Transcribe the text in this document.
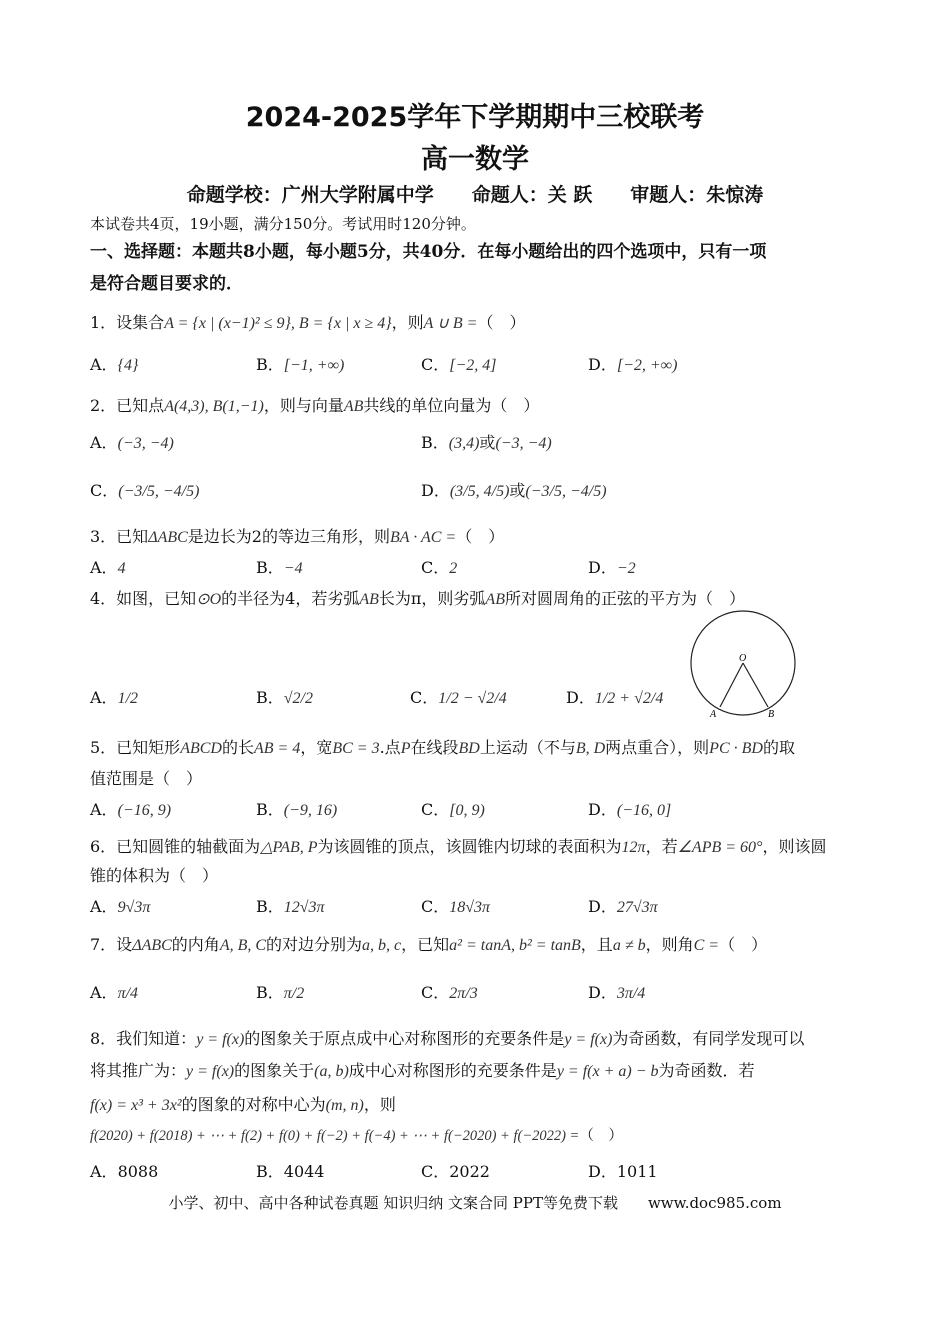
2024-2025学年下学期期中三校联考
高一数学
命题学校：广州大学附属中学　　命题人：关 跃　　审题人：朱惊涛
本试卷共4页，19小题，满分150分。考试用时120分钟。
一、选择题：本题共8小题，每小题5分，共40分．在每小题给出的四个选项中，只有一项
是符合题目要求的．
1．设集合A = {x | (x−1)² ≤ 9}, B = {x | x ≥ 4}，则A ∪ B =（　）
A．{4}	B．[−1, +∞)	C．[−2, 4]	D．[−2, +∞)
2．已知点A(4,3), B(1,−1)，则与向量AB共线的单位向量为（　）
A．(−3, −4)	B．(3,4)或(−3, −4)
C．(−3/5, −4/5)	D．(3/5, 4/5)或(−3/5, −4/5)
3．已知ΔABC是边长为2的等边三角形，则BA · AC =（　）
A．4	B．−4	C．2	D．−2
4．如图，已知⊙O的半径为4，若劣弧AB长为π，则劣弧AB所对圆周角的正弦的平方为（　）
A．1/2	B．√2/2	C．1/2 − √2/4	D．1/2 + √2/4
O
A	B
5．已知矩形ABCD的长AB = 4，宽BC = 3.点P在线段BD上运动（不与B, D两点重合），则PC · BD的取
值范围是（　）
A．(−16, 9)	B．(−9, 16)	C．[0, 9)	D．(−16, 0]
6．已知圆锥的轴截面为△PAB, P为该圆锥的顶点，该圆锥内切球的表面积为12π，若∠APB = 60°，则该圆
锥的体积为（　）
A．9√3π	B．12√3π	C．18√3π	D．27√3π
7．设ΔABC的内角A, B, C的对边分别为a, b, c，已知a² = tanA, b² = tanB，且a ≠ b，则角C =（　）
A．π/4	B．π/2	C．2π/3	D．3π/4
8．我们知道：y = f(x)的图象关于原点成中心对称图形的充要条件是y = f(x)为奇函数，有同学发现可以
将其推广为：y = f(x)的图象关于(a, b)成中心对称图形的充要条件是y = f(x + a) − b为奇函数．若
f(x) = x³ + 3x²的图象的对称中心为(m, n)，则
f(2020) + f(2018) + ⋯ + f(2) + f(0) + f(−2) + f(−4) + ⋯ + f(−2020) + f(−2022) =（　）
A．8088	B．4044	C．2022	D．1011
小学、初中、高中各种试卷真题 知识归纳 文案合同 PPT等免费下载　　www.doc985.com
